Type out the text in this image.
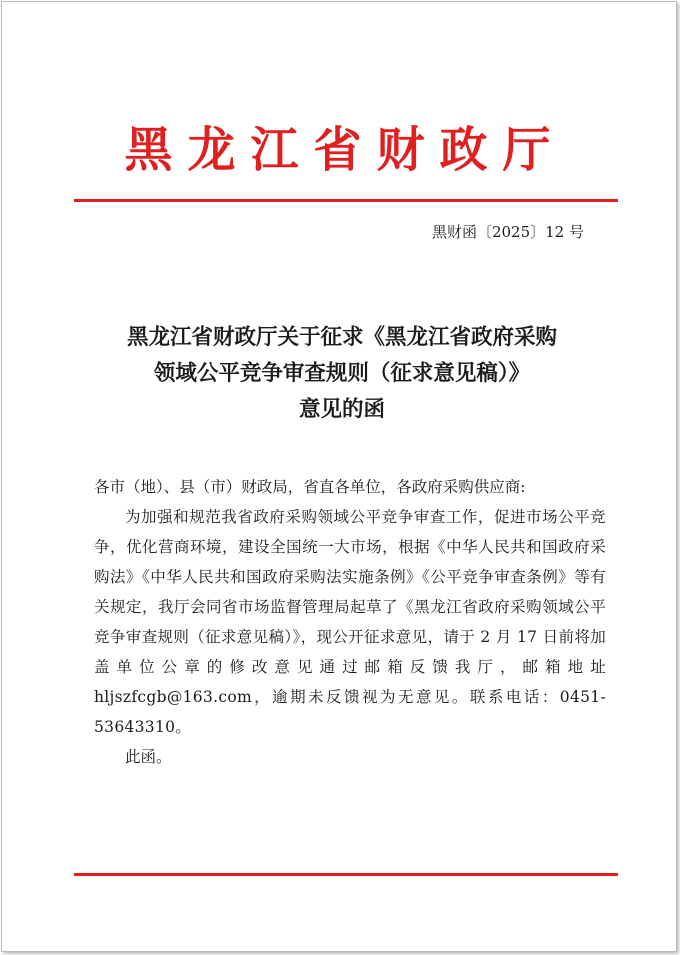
黑龙江省财政厅
黑财函〔2025〕12 号
黑龙江省财政厅关于征求《黑龙江省政府采购
领域公平竞争审查规则（征求意见稿）》
意见的函
各市（地）、县（市）财政局，省直各单位，各政府采购供应商:
为加强和规范我省政府采购领域公平竞争审查工作，促进市场公平竞争，优化营商环境，建设全国统一大市场，根据《中华人民共和国政府采购法》《中华人民共和国政府采购法实施条例》《公平竞争审查条例》等有关规定，我厅会同省市场监督管理局起草了《黑龙江省政府采购领域公平竞争审查规则（征求意见稿）》，现公开征求意见，请于 2 月 17 日前将加盖单位公章的修改意见通过邮箱反馈我厅，邮箱地址 hljszfcgb@163.com，逾期未反馈视为无意见。联系电话：0451-53643310。
此函。
